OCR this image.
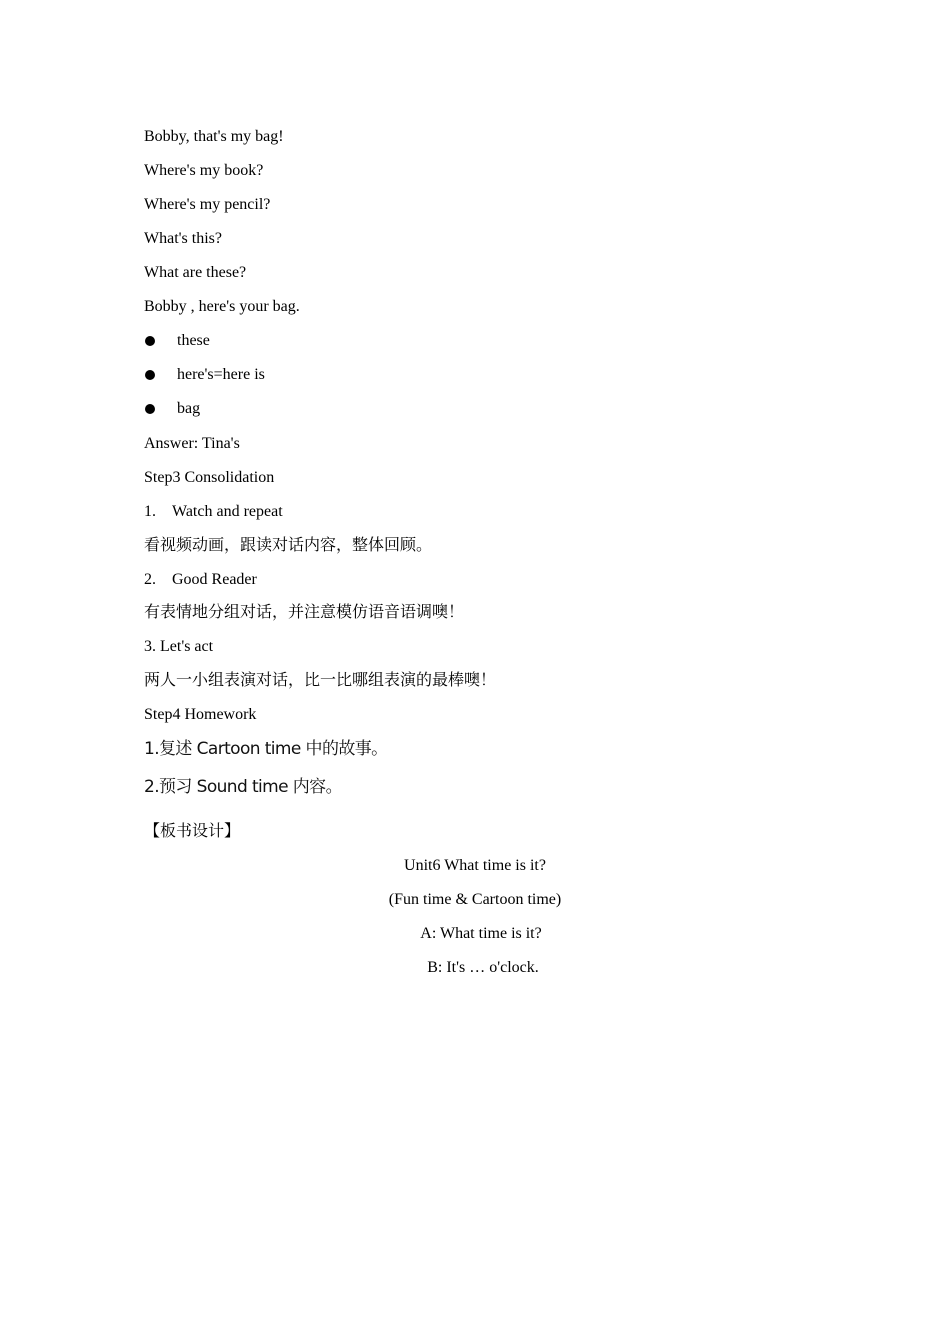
Bobby, that's my bag!
Where's my book?
Where's my pencil?
What's this?
What are these?
Bobby , here's your bag.
these
here's=here is
bag
Answer: Tina's
Step3 Consolidation
1. Watch and repeat
看视频动画，跟读对话内容，整体回顾。
2. Good Reader
有表情地分组对话，并注意模仿语音语调噢！
3. Let's act
两人一小组表演对话，比一比哪组表演的最棒噢！
Step4 Homework
1.复述 Cartoon time 中的故事。
2.预习 Sound time 内容。
【板书设计】
Unit6 What time is it?
(Fun time & Cartoon time)
A: What time is it?
B: It's … o'clock.
